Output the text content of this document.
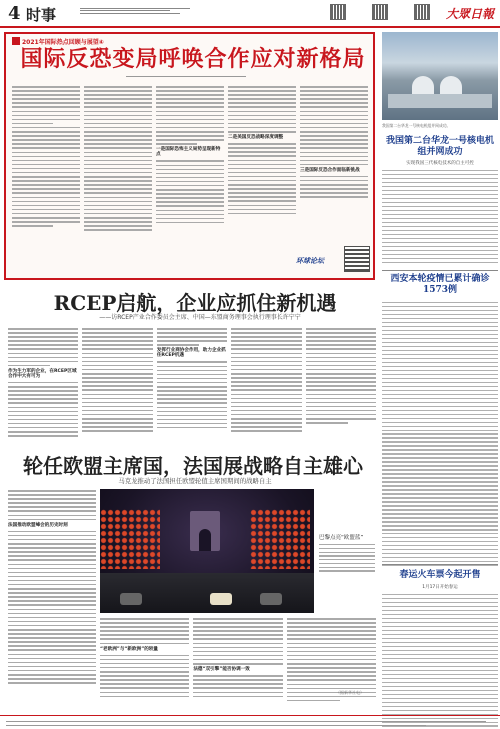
4 时事	大眾日報
2021年国际热点回顾与展望④
国际反恐变局呼唤合作应对新格局
一是国际恐怖主义局势呈现新特点
二是美国反恐战略深度调整
三是国际反恐合作面临新挑战
环球论坛
我国第二台华龙一号核电机组并网成功。
我国第二台华龙一号核电机组并网成功
实现我国三代核电技术的自主可控
西安本轮疫情已累计确诊1573例
春运火车票今起开售
1月17日开始春运
RCEP启航，企业应抓住新机遇
——访RCEP产业合作委员会主席、中国—东盟商务理事会执行理事长许宁宁
作为生力军的企业，在RCEP区域合作中大有可为
发挥行业商协会作用，助力企业抓住RCEP机遇
轮任欧盟主席国，法国展战略自主雄心
马克龙推动了法国担任欧盟轮值主席国期间的战略自主
法国推动欧盟峰会的历史时刻
巴黎点亮“欧盟蓝”
“老欧洲”与“新欧洲”的较量
法德“双引擎”能否协调一致
（据新华社电）
